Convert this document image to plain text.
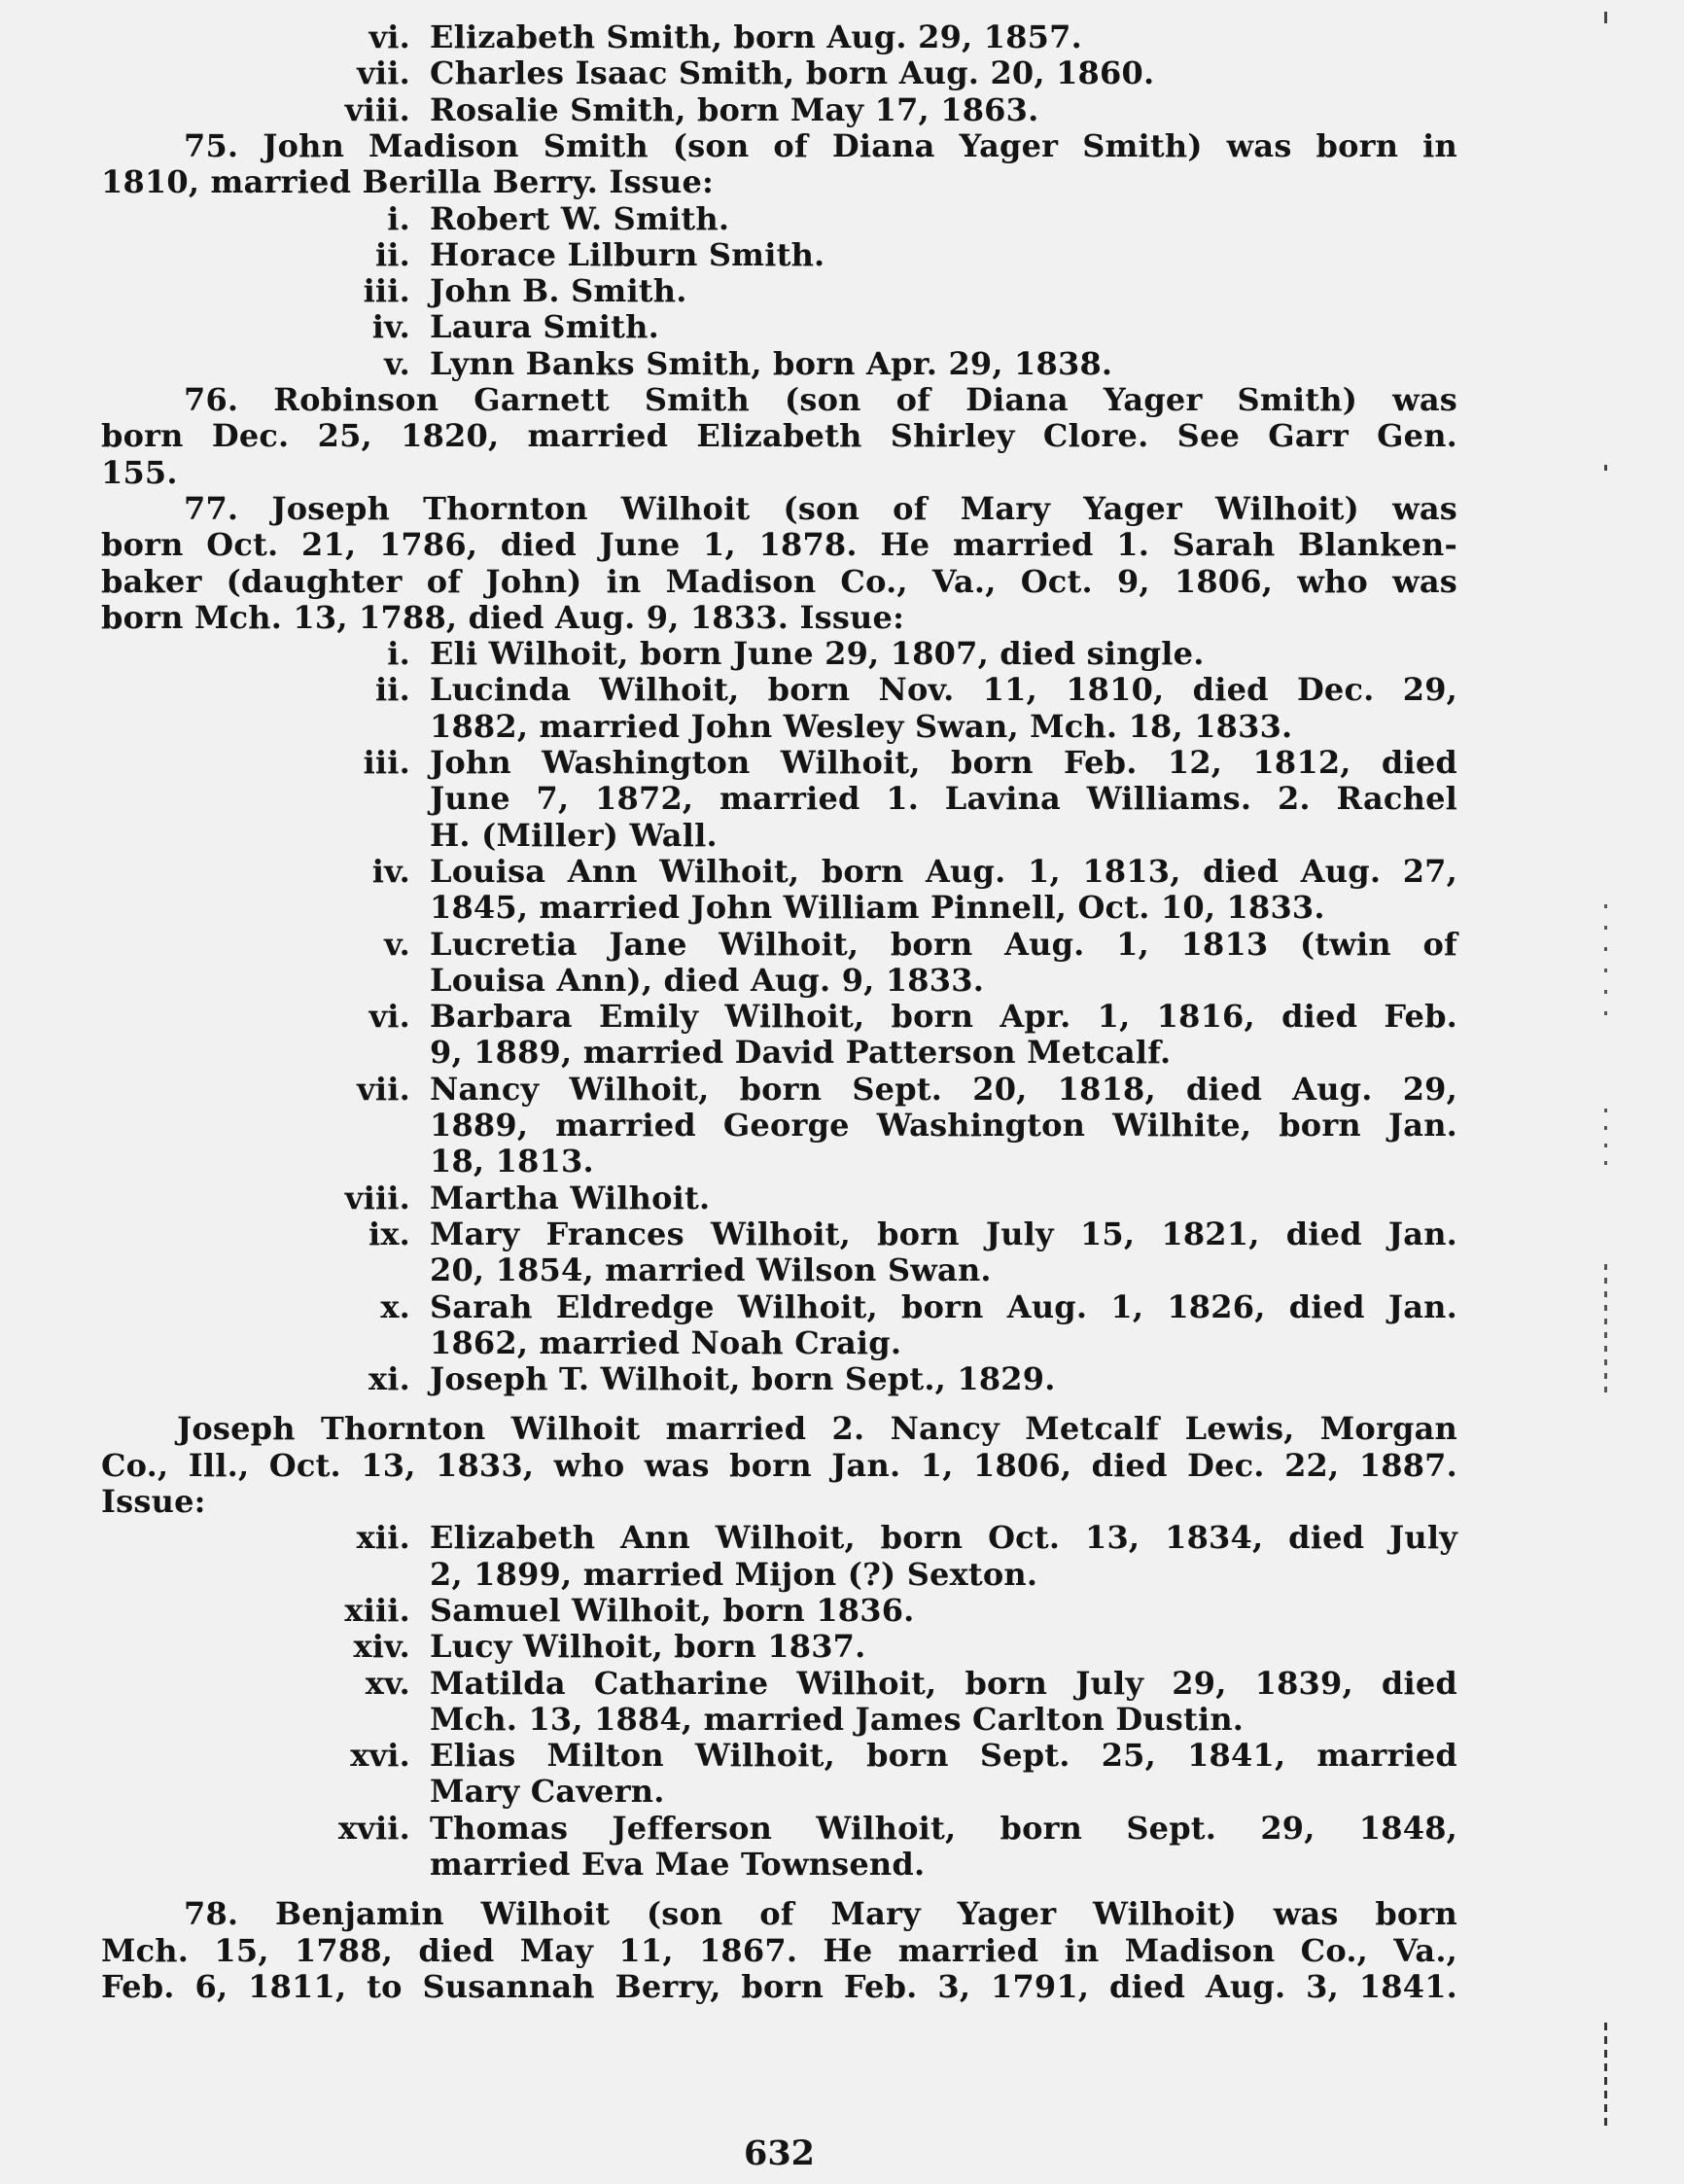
vi. Elizabeth Smith, born Aug. 29, 1857.
vii. Charles Isaac Smith, born Aug. 20, 1860.
viii. Rosalie Smith, born May 17, 1863.
75. John Madison Smith (son of Diana Yager Smith) was born in
1810, married Berilla Berry. Issue:
i. Robert W. Smith.
ii. Horace Lilburn Smith.
iii. John B. Smith.
iv. Laura Smith.
v. Lynn Banks Smith, born Apr. 29, 1838.
76. Robinson Garnett Smith (son of Diana Yager Smith) was
born Dec. 25, 1820, married Elizabeth Shirley Clore. See Garr Gen.
155.
77. Joseph Thornton Wilhoit (son of Mary Yager Wilhoit) was
born Oct. 21, 1786, died June 1, 1878. He married 1. Sarah Blanken-
baker (daughter of John) in Madison Co., Va., Oct. 9, 1806, who was
born Mch. 13, 1788, died Aug. 9, 1833. Issue:
i. Eli Wilhoit, born June 29, 1807, died single.
ii. Lucinda Wilhoit, born Nov. 11, 1810, died Dec. 29,
1882, married John Wesley Swan, Mch. 18, 1833.
iii. John Washington Wilhoit, born Feb. 12, 1812, died
June 7, 1872, married 1. Lavina Williams. 2. Rachel
H. (Miller) Wall.
iv. Louisa Ann Wilhoit, born Aug. 1, 1813, died Aug. 27,
1845, married John William Pinnell, Oct. 10, 1833.
v. Lucretia Jane Wilhoit, born Aug. 1, 1813 (twin of
Louisa Ann), died Aug. 9, 1833.
vi. Barbara Emily Wilhoit, born Apr. 1, 1816, died Feb.
9, 1889, married David Patterson Metcalf.
vii. Nancy Wilhoit, born Sept. 20, 1818, died Aug. 29,
1889, married George Washington Wilhite, born Jan.
18, 1813.
viii. Martha Wilhoit.
ix. Mary Frances Wilhoit, born July 15, 1821, died Jan.
20, 1854, married Wilson Swan.
x. Sarah Eldredge Wilhoit, born Aug. 1, 1826, died Jan.
1862, married Noah Craig.
xi. Joseph T. Wilhoit, born Sept., 1829.
Joseph Thornton Wilhoit married 2. Nancy Metcalf Lewis, Morgan
Co., Ill., Oct. 13, 1833, who was born Jan. 1, 1806, died Dec. 22, 1887.
Issue:
xii. Elizabeth Ann Wilhoit, born Oct. 13, 1834, died July
2, 1899, married Mijon (?) Sexton.
xiii. Samuel Wilhoit, born 1836.
xiv. Lucy Wilhoit, born 1837.
xv. Matilda Catharine Wilhoit, born July 29, 1839, died
Mch. 13, 1884, married James Carlton Dustin.
xvi. Elias Milton Wilhoit, born Sept. 25, 1841, married
Mary Cavern.
xvii. Thomas Jefferson Wilhoit, born Sept. 29, 1848,
married Eva Mae Townsend.
78. Benjamin Wilhoit (son of Mary Yager Wilhoit) was born
Mch. 15, 1788, died May 11, 1867. He married in Madison Co., Va.,
Feb. 6, 1811, to Susannah Berry, born Feb. 3, 1791, died Aug. 3, 1841.
632
